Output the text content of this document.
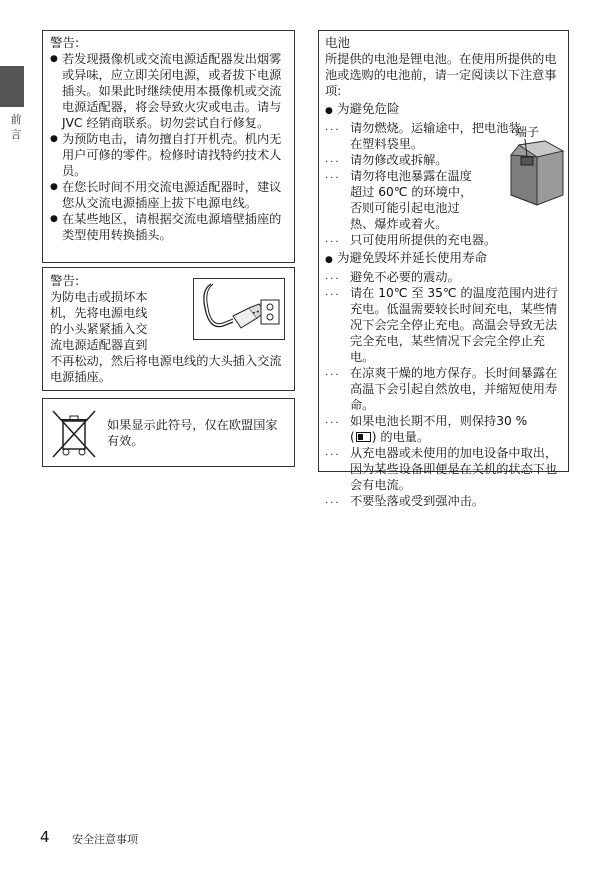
前言
警告:
● 若发现摄像机或交流电源适配器发出烟雾或异味，应立即关闭电源，或者拔下电源插头。如果此时继续使用本摄像机或交流电源适配器，将会导致火灾或电击。请与 JVC 经销商联系。切勿尝试自行修复。
● 为预防电击，请勿擅自打开机壳。机内无用户可修的零件。检修时请找特约技术人员。
● 在您长时间不用交流电源适配器时，建议您从交流电源插座上拔下电源电线。
● 在某些地区，请根据交流电源墙壁插座的类型使用转换插头。
警告:
为防电击或损坏本机，先将电源电线的小头紧紧插入交流电源适配器直到
不再松动，然后将电源电线的大头插入交流电源插座。
如果显示此符号，仅在欧盟国家有效。
电池
所提供的电池是锂电池。在使用所提供的电池或选购的电池前，请一定阅读以下注意事项:
● 为避免危险
... 请勿燃烧。运输途中，把电池装在塑料袋里。
... 请勿修改或拆解。
... 请勿将电池暴露在温度超过 60℃ 的环境中，否则可能引起电池过热、爆炸或着火。
... 只可使用所提供的充电器。
● 为避免毁坏并延长使用寿命
... 避免不必要的震动。
... 请在 10℃ 至 35℃ 的温度范围内进行充电。低温需要较长时间充电，某些情况下会完全停止充电。高温会导致无法完全充电，某些情况下会完全停止充电。
... 在凉爽干燥的地方保存。长时间暴露在高温下会引起自然放电，并缩短使用寿命。
... 如果电池长期不用，则保持30 %
( ) 的电量。
... 从充电器或未使用的加电设备中取出，因为某些设备即便是在关机的状态下也会有电流。
... 不要坠落或受到强冲击。
端子
4 安全注意事项
